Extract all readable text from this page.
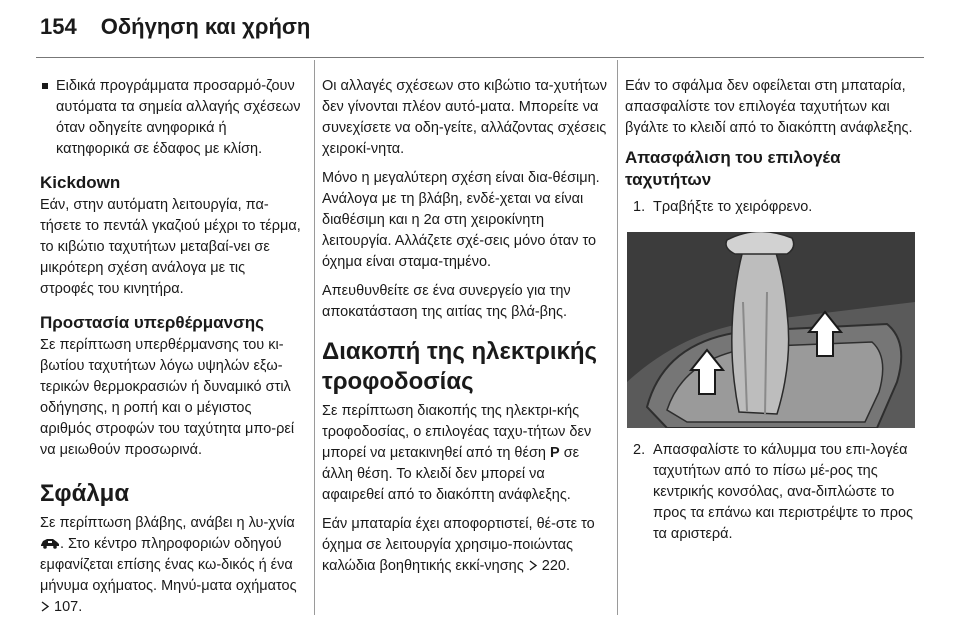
154 Οδήγηση και χρήση
Ειδικά προγράμματα προσαρμό-ζουν αυτόματα τα σημεία αλλαγής σχέσεων όταν οδηγείτε ανηφορικά ή κατηφορικά σε έδαφος με κλίση.
Kickdown

Εάν, στην αυτόματη λειτουργία, πα-τήσετε το πεντάλ γκαζιού μέχρι το τέρμα, το κιβώτιο ταχυτήτων μεταβαί-νει σε μικρότερη σχέση ανάλογα με τις στροφές του κινητήρα.

Προστασία υπερθέρμανσης

Σε περίπτωση υπερθέρμανσης του κι-βωτίου ταχυτήτων λόγω υψηλών εξω-τερικών θερμοκρασιών ή δυναμικό στιλ οδήγησης, η ροπή και ο μέγιστος αριθμός στροφών του ταχύτητα μπο-ρεί να μειωθούν προσωρινά.

Σφάλμα

Σε περίπτωση βλάβης, ανάβει η λυ-χνία . Στο κέντρο πληροφοριών οδηγού εμφανίζεται επίσης ένας κω-δικός ή ένα μήνυμα οχήματος. Μηνύ-ματα οχήματος  107.

Οι αλλαγές σχέσεων στο κιβώτιο τα-χυτήτων δεν γίνονται πλέον αυτό-ματα. Μπορείτε να συνεχίσετε να οδη-γείτε, αλλάζοντας σχέσεις χειροκί-νητα.

Μόνο η μεγαλύτερη σχέση είναι δια-θέσιμη. Ανάλογα με τη βλάβη, ενδέ-χεται να είναι διαθέσιμη και η 2α στη χειροκίνητη λειτουργία. Αλλάζετε σχέ-σεις μόνο όταν το όχημα είναι σταμα-τημένο.

Απευθυνθείτε σε ένα συνεργείο για την αποκατάσταση της αιτίας της βλά-βης.

Διακοπή της ηλεκτρικής τροφοδοσίας

Σε περίπτωση διακοπής της ηλεκτρι-κής τροφοδοσίας, ο επιλογέας ταχυ-τήτων δεν μπορεί να μετακινηθεί από τη θέση P σε άλλη θέση. Το κλειδί δεν μπορεί να αφαιρεθεί από το διακόπτη ανάφλεξης.

Εάν μπαταρία έχει αποφορτιστεί, θέ-στε το όχημα σε λειτουργία χρησιμο-ποιώντας καλώδια βοηθητικής εκκί-νησης  220.

Εάν το σφάλμα δεν οφείλεται στη μπαταρία, απασφαλίστε τον επιλογέα ταχυτήτων και βγάλτε το κλειδί από το διακόπτη ανάφλεξης.

Απασφάλιση του επιλογέα ταχυτήτων
1. Τραβήξτε το χειρόφρενο.
2. Απασφαλίστε το κάλυμμα του επι-λογέα ταχυτήτων από το πίσω μέ-ρος της κεντρικής κονσόλας, ανα-διπλώστε το προς τα επάνω και περιστρέψτε το προς τα αριστερά.
